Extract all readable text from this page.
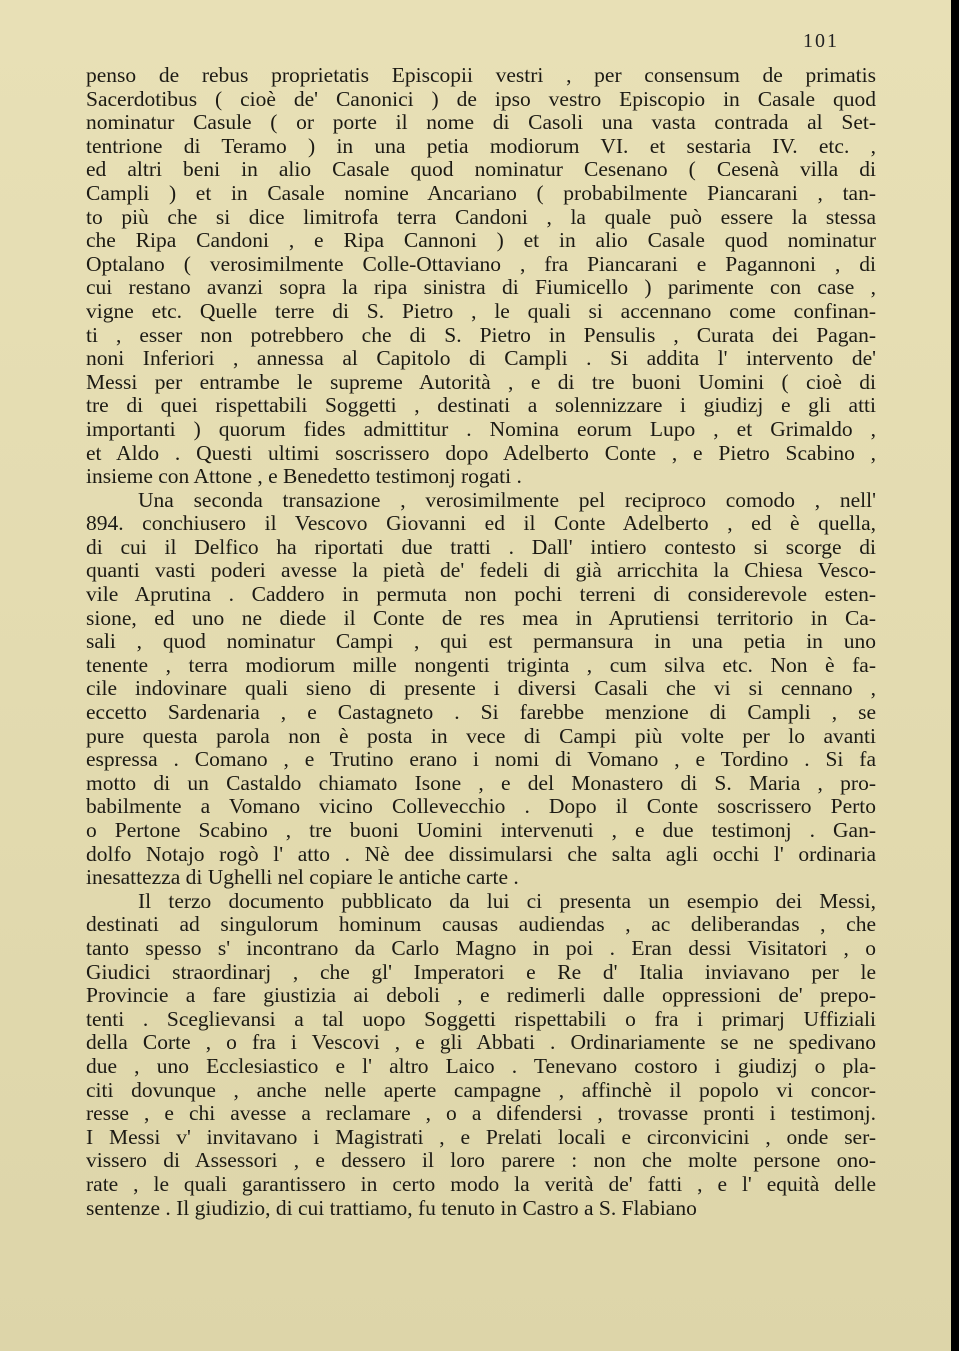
101
penso de rebus proprietatis Episcopii vestri , per consensum de primatis
Sacerdotibus ( cioè de' Canonici ) de ipso vestro Episcopio in Casale quod
nominatur Casule ( or porte il nome di Casoli una vasta contrada al Set-
tentrione di Teramo ) in una petia modiorum VI. et sestaria IV. etc. ,
ed altri beni in alio Casale quod nominatur Cesenano ( Cesenà villa di
Campli ) et in Casale nomine Ancariano ( probabilmente Piancarani , tan-
to più che si dice limitrofa terra Candoni , la quale può essere la stessa
che Ripa Candoni , e Ripa Cannoni ) et in alio Casale quod nominatur
Optalano ( verosimilmente Colle-Ottaviano , fra Piancarani e Pagannoni , di
cui restano avanzi sopra la ripa sinistra di Fiumicello ) parimente con case ,
vigne etc. Quelle terre di S. Pietro , le quali si accennano come confinan-
ti , esser non potrebbero che di S. Pietro in Pensulis , Curata dei Pagan-
noni Inferiori , annessa al Capitolo di Campli . Si addita l' intervento de'
Messi per entrambe le supreme Autorità , e di tre buoni Uomini ( cioè di
tre di quei rispettabili Soggetti , destinati a solennizzare i giudizj e gli atti
importanti ) quorum fides admittitur . Nomina eorum Lupo , et Grimaldo ,
et Aldo . Questi ultimi soscrissero dopo Adelberto Conte , e Pietro Scabino ,
insieme con Attone , e Benedetto testimonj rogati .
Una seconda transazione , verosimilmente pel reciproco comodo , nell'
894. conchiusero il Vescovo Giovanni ed il Conte Adelberto , ed è quella,
di cui il Delfico ha riportati due tratti . Dall' intiero contesto si scorge di
quanti vasti poderi avesse la pietà de' fedeli di già arricchita la Chiesa Vesco-
vile Aprutina . Caddero in permuta non pochi terreni di considerevole esten-
sione, ed uno ne diede il Conte de res mea in Aprutiensi territorio in Ca-
sali , quod nominatur Campi , qui est permansura in una petia in uno
tenente , terra modiorum mille nongenti triginta , cum silva etc. Non è fa-
cile indovinare quali sieno di presente i diversi Casali che vi si cennano ,
eccetto Sardenaria , e Castagneto . Si farebbe menzione di Campli , se
pure questa parola non è posta in vece di Campi più volte per lo avanti
espressa . Comano , e Trutino erano i nomi di Vomano , e Tordino . Si fa
motto di un Castaldo chiamato Isone , e del Monastero di S. Maria , pro-
babilmente a Vomano vicino Collevecchio . Dopo il Conte soscrissero Perto
o Pertone Scabino , tre buoni Uomini intervenuti , e due testimonj . Gan-
dolfo Notajo rogò l' atto . Nè dee dissimularsi che salta agli occhi l' ordinaria
inesattezza di Ughelli nel copiare le antiche carte .
Il terzo documento pubblicato da lui ci presenta un esempio dei Messi,
destinati ad singulorum hominum causas audiendas , ac deliberandas , che
tanto spesso s' incontrano da Carlo Magno in poi . Eran dessi Visitatori , o
Giudici straordinarj , che gl' Imperatori e Re d' Italia inviavano per le
Provincie a fare giustizia ai deboli , e redimerli dalle oppressioni de' prepo-
tenti . Sceglievansi a tal uopo Soggetti rispettabili o fra i primarj Uffiziali
della Corte , o fra i Vescovi , e gli Abbati . Ordinariamente se ne spedivano
due , uno Ecclesiastico e l' altro Laico . Tenevano costoro i giudizj o pla-
citi dovunque , anche nelle aperte campagne , affinchè il popolo vi concor-
resse , e chi avesse a reclamare , o a difendersi , trovasse pronti i testimonj.
I Messi v' invitavano i Magistrati , e Prelati locali e circonvicini , onde ser-
vissero di Assessori , e dessero il loro parere : non che molte persone ono-
rate , le quali garantissero in certo modo la verità de' fatti , e l' equità delle
sentenze . Il giudizio, di cui trattiamo, fu tenuto in Castro a S. Flabiano
